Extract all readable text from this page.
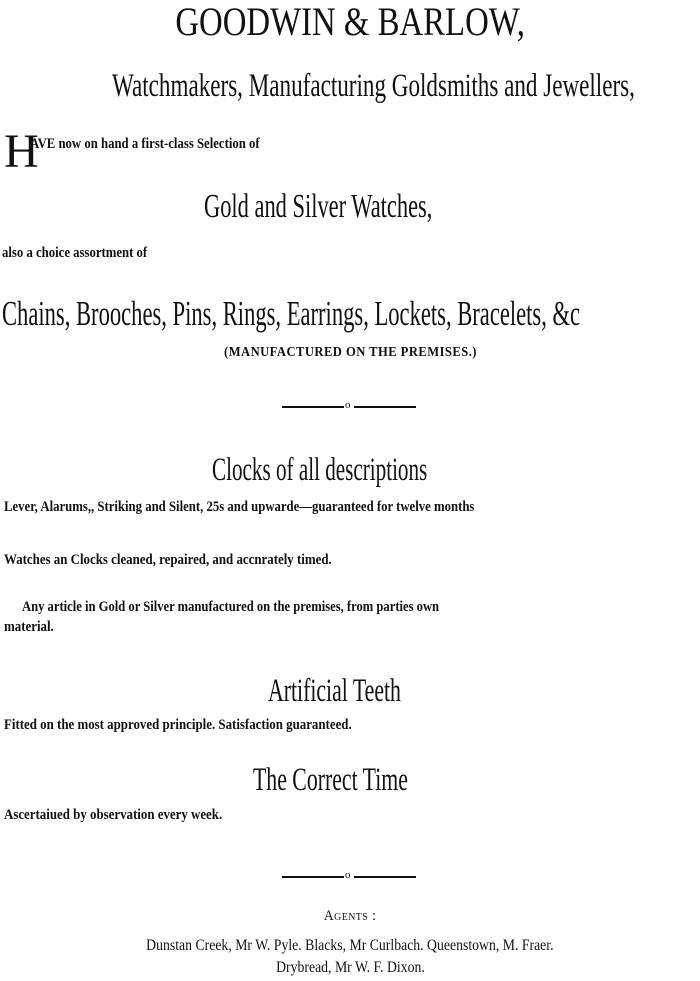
GOODWIN & BARLOW,
Watchmakers, Manufacturing Goldsmiths and Jewellers,
H
AVE now on hand a first-class Selection of
Gold and Silver Watches,
also a choice assortment of
Chains, Brooches, Pins, Rings, Earrings, Lockets, Bracelets, &c
(MANUFACTURED ON THE PREMISES.)
o
Clocks of all descriptions
Lever, Alarums,, Striking and Silent, 25s and upwarde—guaranteed for twelve months
Watches an Clocks cleaned, repaired, and accnrately timed.
Any article in Gold or Silver manufactured on the premises, from parties own
material.
Artificial Teeth
Fitted on the most approved principle. Satisfaction guaranteed.
The Correct Time
Ascertaiued by observation every week.
o
Agents :
Dunstan Creek, Mr W. Pyle. Blacks, Mr Curlbach. Queenstown, M. Fraer.
Drybread, Mr W. F. Dixon.
